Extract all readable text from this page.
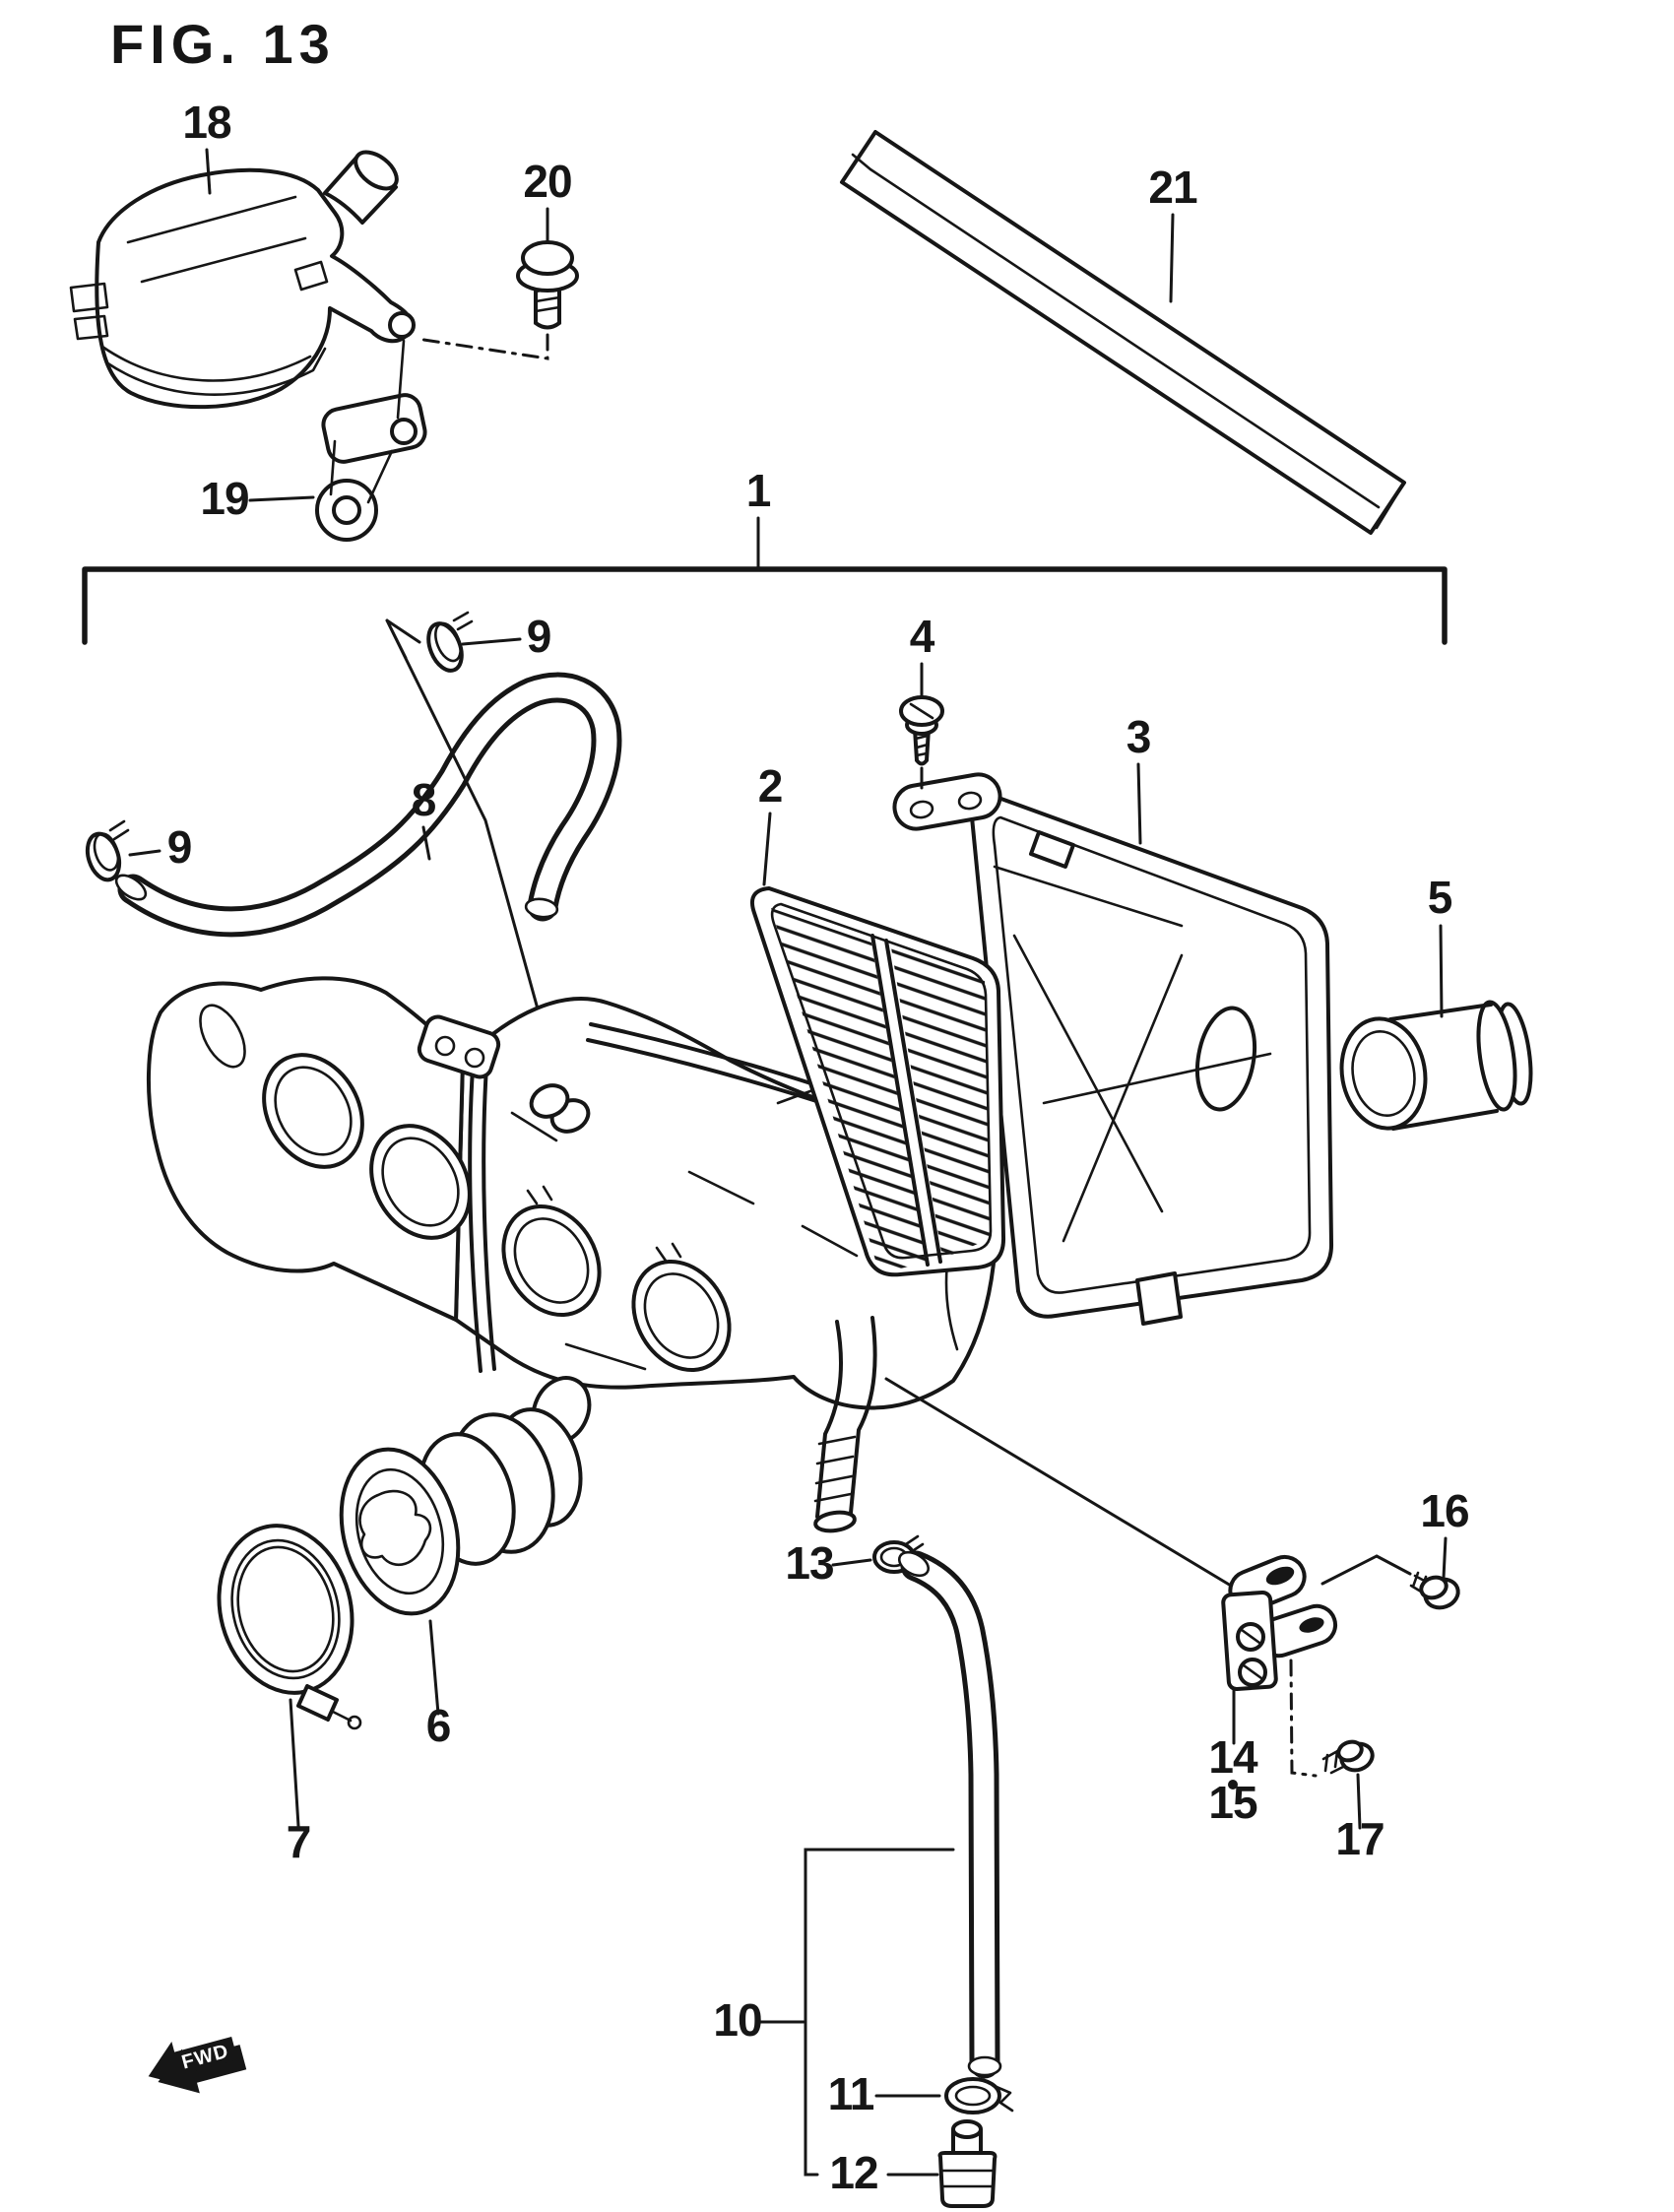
FIG. 13
18
20	21
19	1
9
8
9
2
4
3
5
6
7
13
14
15
16
17
10
11
12
FWD
